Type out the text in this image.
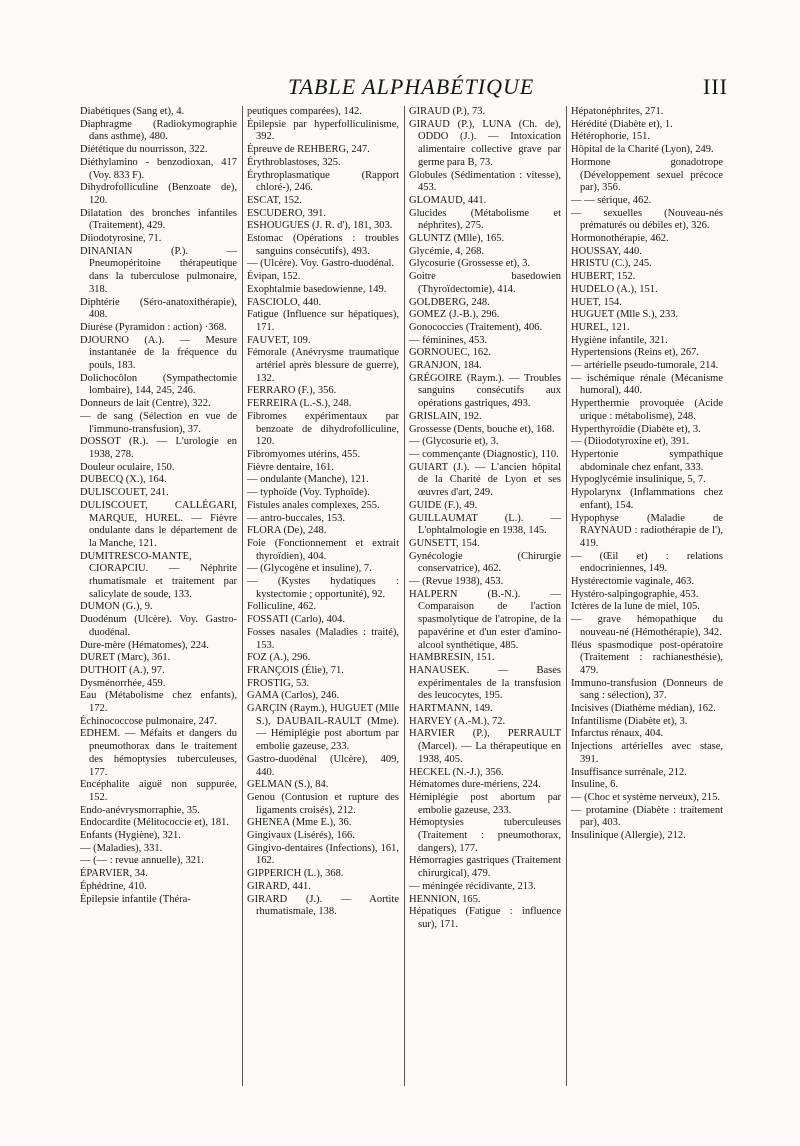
TABLE ALPHABÉTIQUE	III

Diabétiques (Sang et), 4.

Diaphragme (Radiokymographie dans asthme), 480.

Diététique du nourrisson, 322.

Diéthylamino - benzodioxan, 417 (Voy. 833 F).

Dihydrofolliculine (Benzoate de), 120.

Dilatation des bronches infantiles (Traitement), 429.

Diiodotyrosine, 71.

DINANIAN (P.). — Pneumopéritoine thérapeutique dans la tuberculose pulmonaire, 318.

Diphtérie (Séro-anatoxithérapie), 408.

Diurèse (Pyramidon : action) ·368.

DJOURNO (A.). — Mesure instantanée de la fréquence du pouls, 183.

Dolichocôlon (Sympathectomie lombaire), 144, 245, 246.

Donneurs de lait (Centre), 322.

— de sang (Sélection en vue de l'immuno-transfusion), 37.

DOSSOT (R.). — L'urologie en 1938, 278.

Douleur oculaire, 150.

DUBECQ (X.), 164.

DULISCOUET, 241.

DULISCOUET, CALLÉGARI, MARQUE, HUREL. — Fièvre ondulante dans le département de la Manche, 121.

DUMITRESCO-MANTE, CIORAPCIU. — Néphrite rhumatismale et traitement par salicylate de soude, 133.

DUMON (G.), 9.

Duodénum (Ulcère). Voy. Gastro-duodénal.

Dure-mère (Hématomes), 224.

DURET (Marc), 361.

DUTHOIT (A.), 97.

Dysménorrhée, 459.

Eau (Métabolisme chez enfants), 172.

Échinococcose pulmonaire, 247.

EDHEM. — Méfaits et dangers du pneumothorax dans le traitement des hémoptysies tuberculeuses, 177.

Encéphalite aiguë non suppurée, 152.

Endo-anévrysmorraphie, 35.

Endocardite (Mélitococcie et), 181.

Enfants (Hygiène), 321.

— (Maladies), 331.

— (— : revue annuelle), 321.

ÉPARVIER, 34.

Éphédrine, 410.

Épilepsie infantile (Théra-

peutiques comparées), 142.

Épilepsie par hyperfolliculinisme, 392.

Épreuve de REHBERG, 247.

Érythroblastoses, 325.

Érythroplasmatique (Rapport chloré-), 246.

ESCAT, 152.

ESCUDERO, 391.

ESHOUGUES (J. R. d'), 181, 303.

Estomac (Opérations : troubles sanguins consécutifs), 493.

— (Ulcère). Voy. Gastro-duodénal.

Évipan, 152.

Exophtalmie basedowienne, 149.

FASCIOLO, 440.

Fatigue (Influence sur hépatiques), 171.

FAUVET, 109.

Fémorale (Anévrysme traumatique artériel après blessure de guerre), 132.

FERRARO (F.), 356.

FERREIRA (L.-S.), 248.

Fibromes expérimentaux par benzoate de dihydrofolliculine, 120.

Fibromyomes utérins, 455.

Fièvre dentaire, 161.

— ondulante (Manche), 121.

— typhoïde (Voy. Typhoïde).

Fistules anales complexes, 255.

— antro-buccales, 153.

FLORA (De), 248.

Foie (Fonctionnement et extrait thyroïdien), 404.

— (Glycogène et insuline), 7.

— (Kystes hydatiques : kystectomie ; opportunité), 92.

Folliculine, 462.

FOSSATI (Carlo), 404.

Fosses nasales (Maladies : traité), 153.

FOZ (A.), 296.

FRANÇOIS (Élie), 71.

FROSTIG, 53.

GAMA (Carlos), 246.

GARÇIN (Raym.), HUGUET (Mlle S.), DAUBAIL-RAULT (Mme). — Hémiplégie post abortum par embolie gazeuse, 233.

Gastro-duodénal (Ulcère), 409, 440.

GELMAN (S.), 84.

Genou (Contusion et rupture des ligaments croisés), 212.

GHENEA (Mme E.), 36.

Gingivaux (Lisérés), 166.

Gingivo-dentaires (Infections), 161, 162.

GIPPERICH (L.), 368.

GIRARD, 441.

GIRARD (J.). — Aortite rhumatismale, 138.

GIRAUD (P.), 73.

GIRAUD (P.), LUNA (Ch. de), ODDO (J.). — Intoxication alimentaire collective grave par germe para B, 73.

Globules (Sédimentation : vitesse), 453.

GLOMAUD, 441.

Glucides (Métabolisme et néphrites), 275.

GLUNTZ (Mlle), 165.

Glycémie, 4, 268.

Glycosurie (Grossesse et), 3.

Goitre basedowien (Thyroïdectomie), 414.

GOLDBERG, 248.

GOMEZ (J.-B.), 296.

Gonococcies (Traitement), 406.

— féminines, 453.

GORNOUEC, 162.

GRANJON, 184.

GRÉGOIRE (Raym.). — Troubles sanguins consécutifs aux opérations gastriques, 493.

GRISLAIN, 192.

Grossesse (Dents, bouche et), 168.

— (Glycosurie et), 3.

— commençante (Diagnostic), 110.

GUIART (J.). — L'ancien hôpital de la Charité de Lyon et ses œuvres d'art, 249.

GUIDE (F.), 49.

GUILLAUMAT (L.). — L'ophtalmologie en 1938, 145.

GUNSETT, 154.

Gynécologie (Chirurgie conservatrice), 462.

— (Revue 1938), 453.

HALPERN (B.-N.). — Comparaison de l'action spasmolytique de l'atropine, de la papavérine et d'un ester d'amino-alcool synthétique, 485.

HAMBRESIN, 151.

HANAUSEK. — Bases expérimentales de la transfusion des leucocytes, 195.

HARTMANN, 149.

HARVEY (A.-M.), 72.

HARVIER (P.), PERRAULT (Marcel). — La thérapeutique en 1938, 405.

HECKEL (N.-J.), 356.

Hématomes dure-mériens, 224.

Hémiplégie post abortum par embolie gazeuse, 233.

Hémoptysies tuberculeuses (Traitement : pneumothorax, dangers), 177.

Hémorragies gastriques (Traitement chirurgical), 479.

— méningée récidivante, 213.

HENNION, 165.

Hépatiques (Fatigue : influence sur), 171.

Hépatonéphrites, 271.

Hérédité (Diabète et), 1.

Hétérophorie, 151.

Hôpital de la Charité (Lyon), 249.

Hormone gonadotrope (Développement sexuel précoce par), 356.

— — sérique, 462.

— sexuelles (Nouveau-nés prématurés ou débiles et), 326.

Hormonothérapie, 462.

HOUSSAY, 440.

HRISTU (C.), 245.

HUBERT, 152.

HUDELO (A.), 151.

HUET, 154.

HUGUET (Mlle S.), 233.

HUREL, 121.

Hygiène infantile, 321.

Hypertensions (Reins et), 267.

— artérielle pseudo-tumorale, 214.

— ischémique rénale (Mécanisme humoral), 440.

Hyperthermie provoquée (Acide urique : métabolisme), 248.

Hyperthyroïdie (Diabète et), 3.

— (Diiodotyroxine et), 391.

Hypertonie sympathique abdominale chez enfant, 333.

Hypoglycémie insulinique, 5, 7.

Hypolarynx (Inflammations chez enfant), 154.

Hypophyse (Maladie de RAYNAUD : radiothérapie de l'), 419.

— (Œil et) : relations endocriniennes, 149.

Hystérectomie vaginale, 463.

Hystéro-salpingographie, 453.

Ictères de la lune de miel, 105.

— grave hémopathique du nouveau-né (Hémothérapie), 342.

Iléus spasmodique post-opératoire (Traitement : rachianesthésie), 479.

Immuno-transfusion (Donneurs de sang : sélection), 37.

Incisives (Diathème médian), 162.

Infantilisme (Diabète et), 3.

Infarctus rénaux, 404.

Injections artérielles avec stase, 391.

Insuffisance surrénale, 212.

Insuline, 6.

— (Choc et système nerveux), 215.

— protamine (Diabète : traitement par), 403.

Insulinique (Allergie), 212.
